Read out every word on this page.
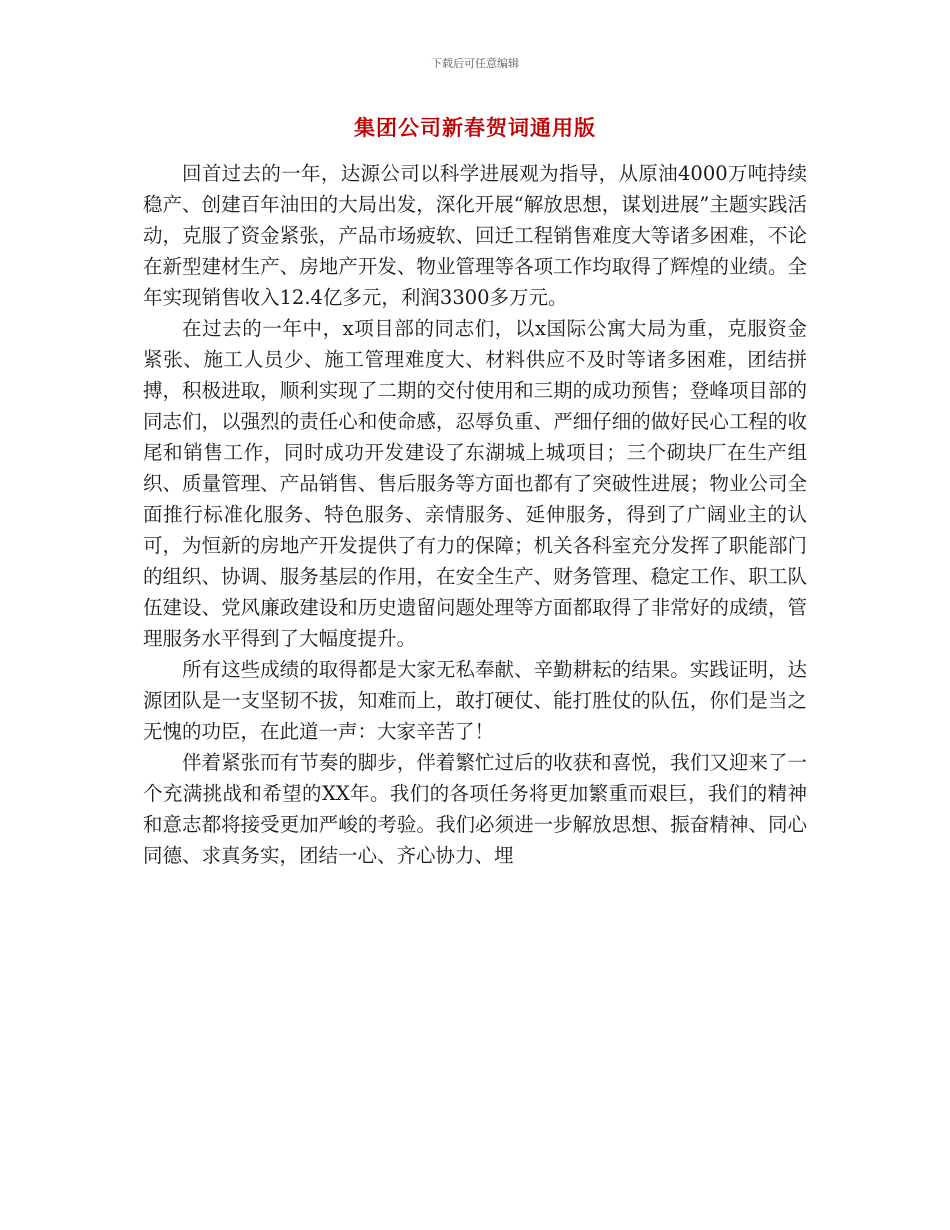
下载后可任意编辑
集团公司新春贺词通用版

回首过去的一年，达源公司以科学进展观为指导，从原油4000万吨持续稳产、创建百年油田的大局出发，深化开展“解放思想，谋划进展”主题实践活动，克服了资金紧张，产品市场疲软、回迁工程销售难度大等诸多困难，不论在新型建材生产、房地产开发、物业管理等各项工作均取得了辉煌的业绩。全年实现销售收入12.4亿多元，利润3300多万元。

在过去的一年中，x项目部的同志们，以x国际公寓大局为重，克服资金紧张、施工人员少、施工管理难度大、材料供应不及时等诸多困难，团结拼搏，积极进取，顺利实现了二期的交付使用和三期的成功预售；登峰项目部的同志们，以强烈的责任心和使命感，忍辱负重、严细仔细的做好民心工程的收尾和销售工作，同时成功开发建设了东湖城上城项目；三个砌块厂在生产组织、质量管理、产品销售、售后服务等方面也都有了突破性进展；物业公司全面推行标准化服务、特色服务、亲情服务、延伸服务，得到了广阔业主的认可，为恒新的房地产开发提供了有力的保障；机关各科室充分发挥了职能部门的组织、协调、服务基层的作用，在安全生产、财务管理、稳定工作、职工队伍建设、党风廉政建设和历史遗留问题处理等方面都取得了非常好的成绩，管理服务水平得到了大幅度提升。

所有这些成绩的取得都是大家无私奉献、辛勤耕耘的结果。实践证明，达源团队是一支坚韧不拔，知难而上，敢打硬仗、能打胜仗的队伍，你们是当之无愧的功臣，在此道一声：大家辛苦了！

伴着紧张而有节奏的脚步，伴着繁忙过后的收获和喜悦，我们又迎来了一个充满挑战和希望的XX年。我们的各项任务将更加繁重而艰巨，我们的精神和意志都将接受更加严峻的考验。我们必须进一步解放思想、振奋精神、同心同德、求真务实，团结一心、齐心协力、埋
